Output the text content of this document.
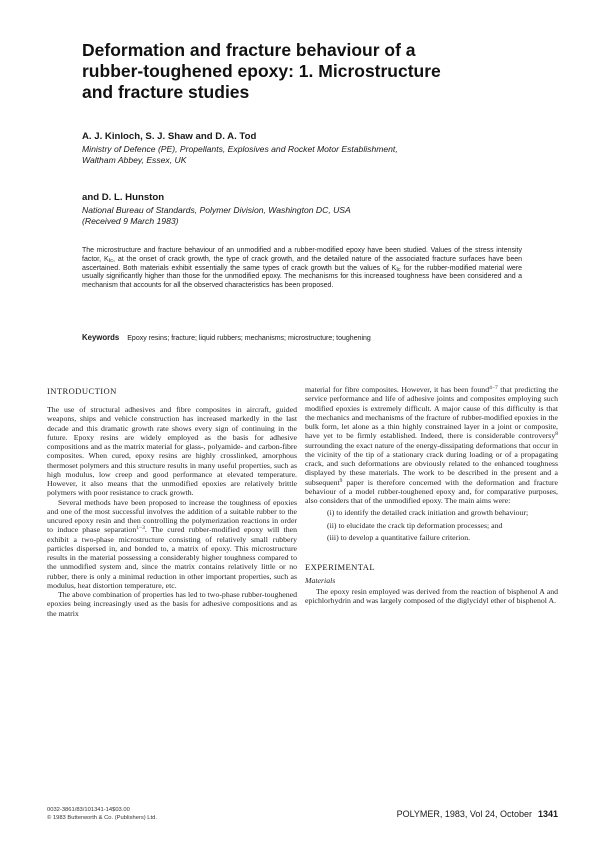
Deformation and fracture behaviour of a
rubber-toughened epoxy: 1. Microstructure
and fracture studies
A. J. Kinloch, S. J. Shaw and D. A. Tod
Ministry of Defence (PE), Propellants, Explosives and Rocket Motor Establishment,
Waltham Abbey, Essex, UK
and D. L. Hunston
National Bureau of Standards, Polymer Division, Washington DC, USA
(Received 9 March 1983)
The microstructure and fracture behaviour of an unmodified and a rubber-modified epoxy have been studied. Values of the stress intensity factor, $K_{Ic}$, at the onset of crack growth, the type of crack growth, and the detailed nature of the associated fracture surfaces have been ascertained. Both materials exhibit essentially the same types of crack growth but the values of $K_{Ic}$ for the rubber-modified material were usually significantly higher than those for the unmodified epoxy. The mechanisms for this increased toughness have been considered and a mechanism that accounts for all the observed characteristics has been proposed.
Keywords Epoxy resins; fracture; liquid rubbers; mechanisms; microstructure; toughening
INTRODUCTION

The use of structural adhesives and fibre composites in aircraft, guided weapons, ships and vehicle construction has increased markedly in the last decade and this dramatic growth rate shows every sign of continuing in the future. Epoxy resins are widely employed as the basis for adhesive compositions and as the matrix material for glass-, polyamide- and carbon-fibre composites. When cured, epoxy resins are highly crosslinked, amorphous thermoset polymers and this structure results in many useful properties, such as high modulus, low creep and good performance at elevated temperature. However, it also means that the unmodified epoxies are relatively brittle polymers with poor resistance to crack growth.

Several methods have been proposed to increase the toughness of epoxies and one of the most successful involves the addition of a suitable rubber to the uncured epoxy resin and then controlling the polymerization reactions in order to induce phase separation$^{1-3}$. The cured rubber-modified epoxy will then exhibit a two-phase microstructure consisting of relatively small rubbery particles dispersed in, and bonded to, a matrix of epoxy. This microstructure results in the material possessing a considerably higher toughness compared to the unmodified system and, since the matrix contains relatively little or no rubber, there is only a minimal reduction in other important properties, such as modulus, heat distortion temperature, etc.

The above combination of properties has led to two-phase rubber-toughened epoxies being increasingly used as the basis for adhesive compositions and as the matrix

material for fibre composites. However, it has been found$^{4-7}$ that predicting the service performance and life of adhesive joints and composites employing such modified epoxies is extremely difficult. A major cause of this difficulty is that the mechanics and mechanisms of the fracture of rubber-modified epoxies in the bulk form, let alone as a thin highly constrained layer in a joint or composite, have yet to be firmly established. Indeed, there is considerable controversy$^8$ surrounding the exact nature of the energy-dissipating deformations that occur in the vicinity of the tip of a stationary crack during loading or of a propagating crack, and such deformations are obviously related to the enhanced toughness displayed by these materials. The work to be described in the present and a subsequent$^9$ paper is therefore concerned with the deformation and fracture behaviour of a model rubber-toughened epoxy and, for comparative purposes, also considers that of the unmodified epoxy. The main aims were:

(i) to identify the detailed crack initiation and growth behaviour;

(ii) to elucidate the crack tip deformation processes; and

(iii) to develop a quantitative failure criterion.

EXPERIMENTAL
Materials

The epoxy resin employed was derived from the reaction of bisphenol A and epichlorhydrin and was largely composed of the diglycidyl ether of bisphenol A.

0032-3861/83/101341-14$03.00
© 1983 Butterworth & Co. (Publishers) Ltd.	POLYMER, 1983, Vol 24, October 1341
